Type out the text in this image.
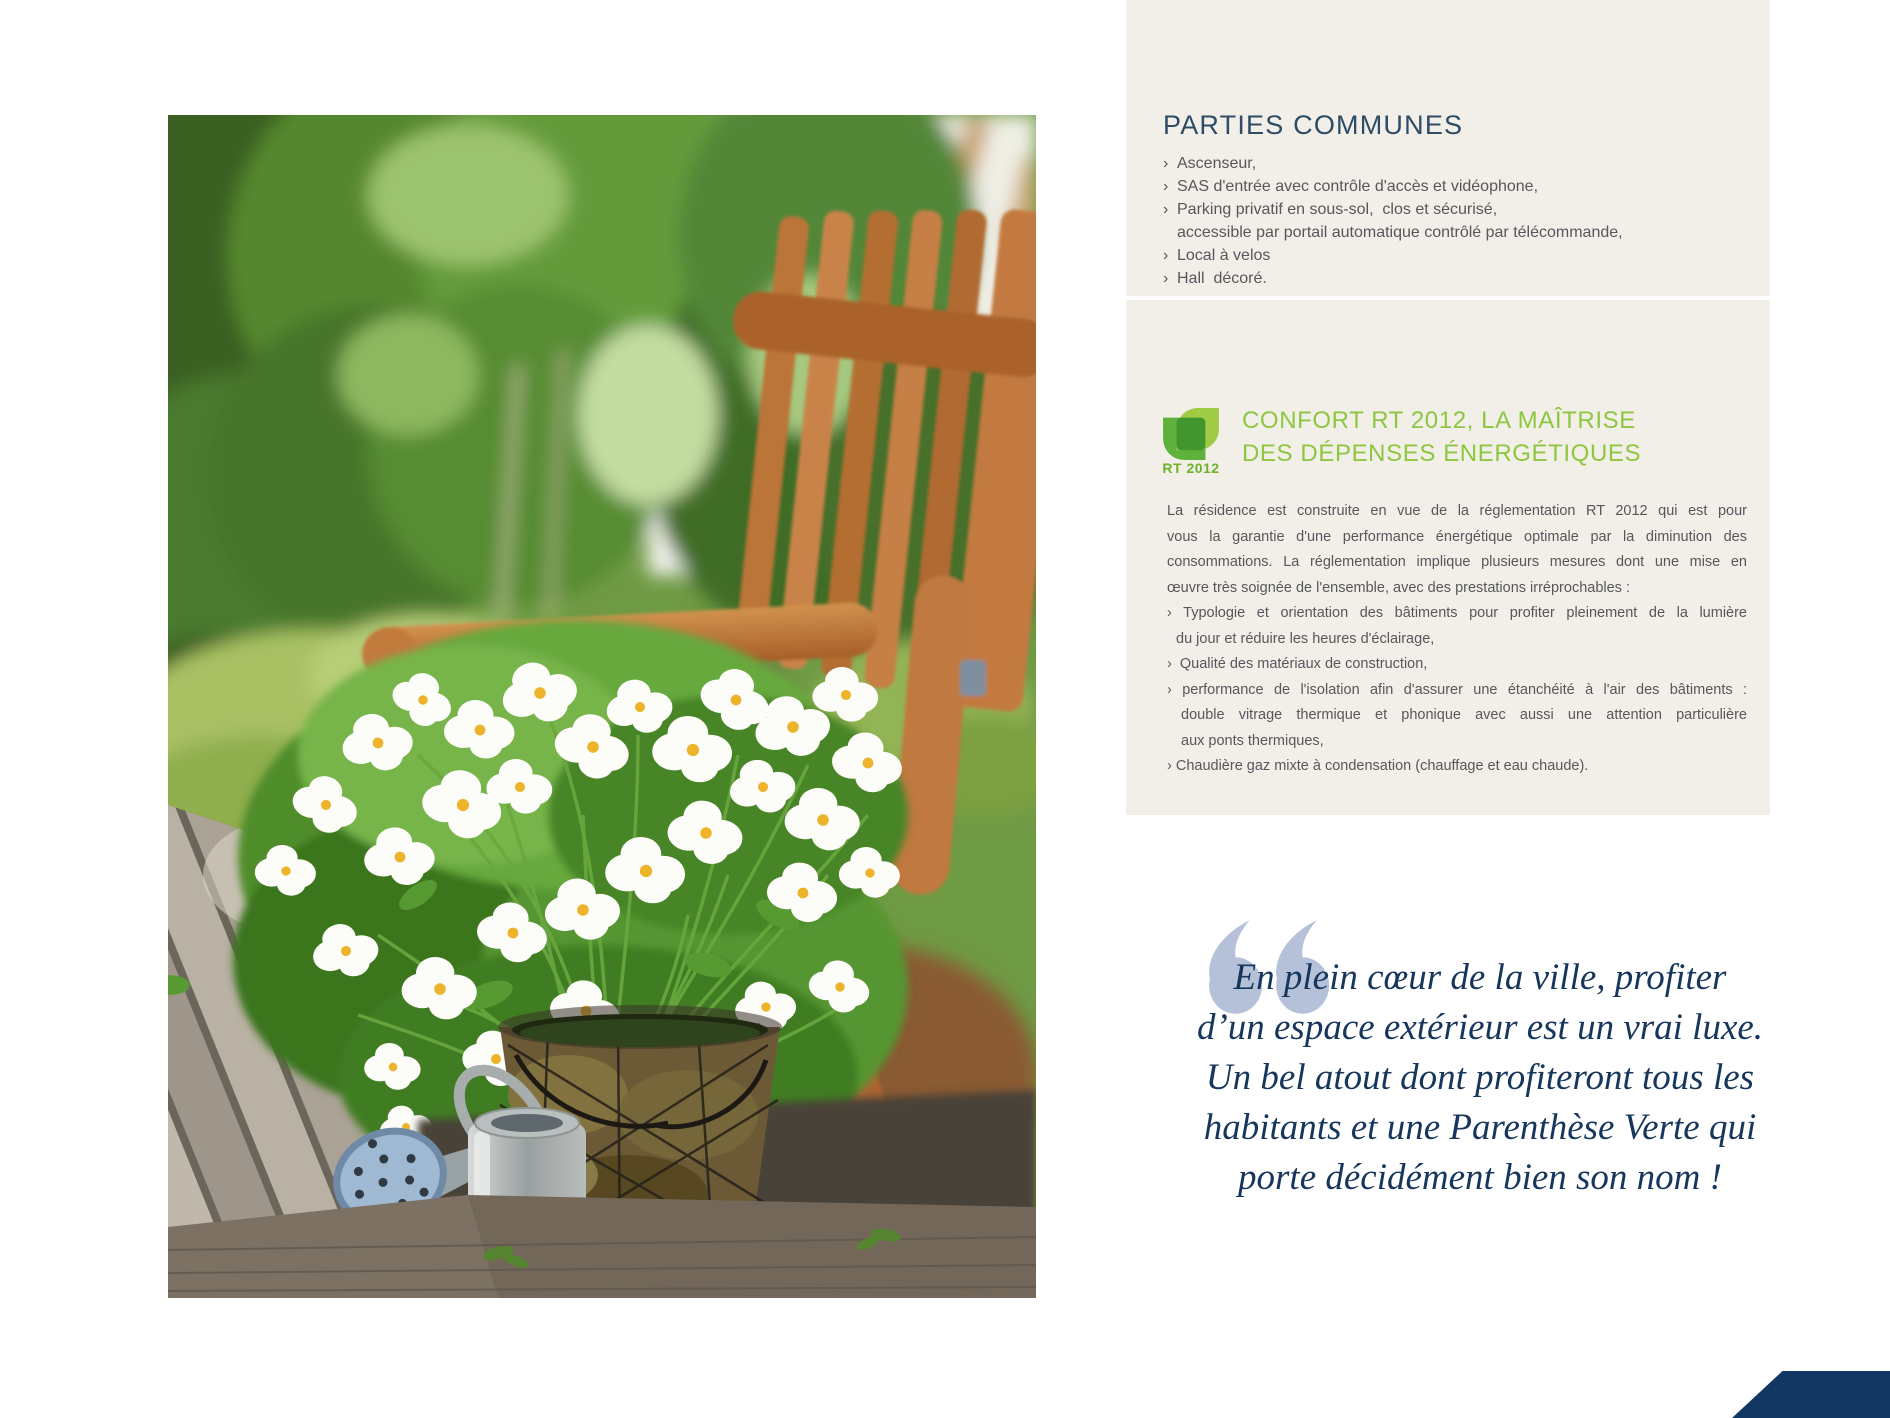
PARTIES COMMUNES
› Ascenseur,
› SAS d'entrée avec contrôle d'accès et vidéophone,
› Parking privatif en sous-sol,  clos et sécurisé,
accessible par portail automatique contrôlé par télécommande,
› Local à velos
› Hall  décoré.
RT 2012
CONFORT RT 2012, LA MAÎTRISE
DES DÉPENSES ÉNERGÉTIQUES

La résidence est construite en vue de la réglementation RT 2012 qui est pour

vous la garantie d'une performance énergétique optimale par la diminution des

consommations. La réglementation implique plusieurs mesures dont une mise en

œuvre très soignée de l'ensemble, avec des prestations irréprochables :

› Typologie et orientation des bâtiments pour profiter pleinement de la lumière

du jour et réduire les heures d'éclairage,

›  Qualité des matériaux de construction,

› performance de l'isolation afin d'assurer une étanchéité à l'air des bâtiments :

double vitrage thermique et phonique avec aussi une attention particulière

aux ponts thermiques,

› Chaudière gaz mixte à condensation (chauffage et eau chaude).

En plein cœur de la ville, profiter

d’un espace extérieur est un vrai luxe.

Un bel atout dont profiteront tous les

habitants et une Parenthèse Verte qui

porte décidément bien son nom !
